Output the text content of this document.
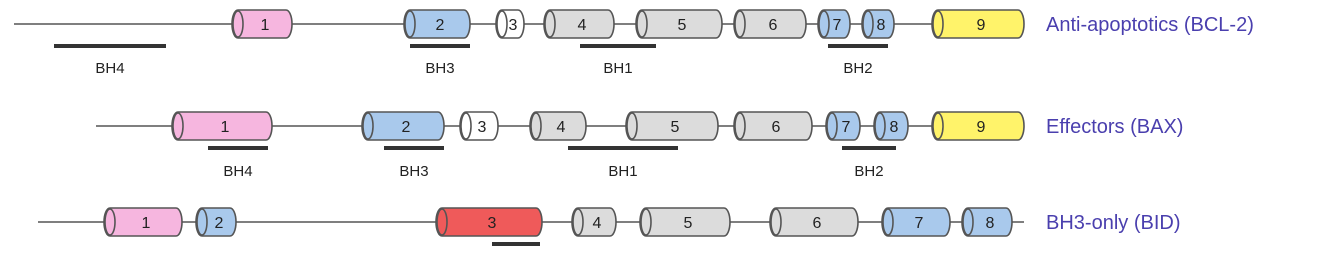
1	2	3	4	5	6	7 8	9
BH4	BH3	BH1	BH2
Anti-apoptotics (BCL-2)
1	2	3	4	5	6	7 8	9
BH4	BH3	BH1	BH2
Effectors (BAX)
1	2	3	4	5	6	7	8	BH3-only (BID)
